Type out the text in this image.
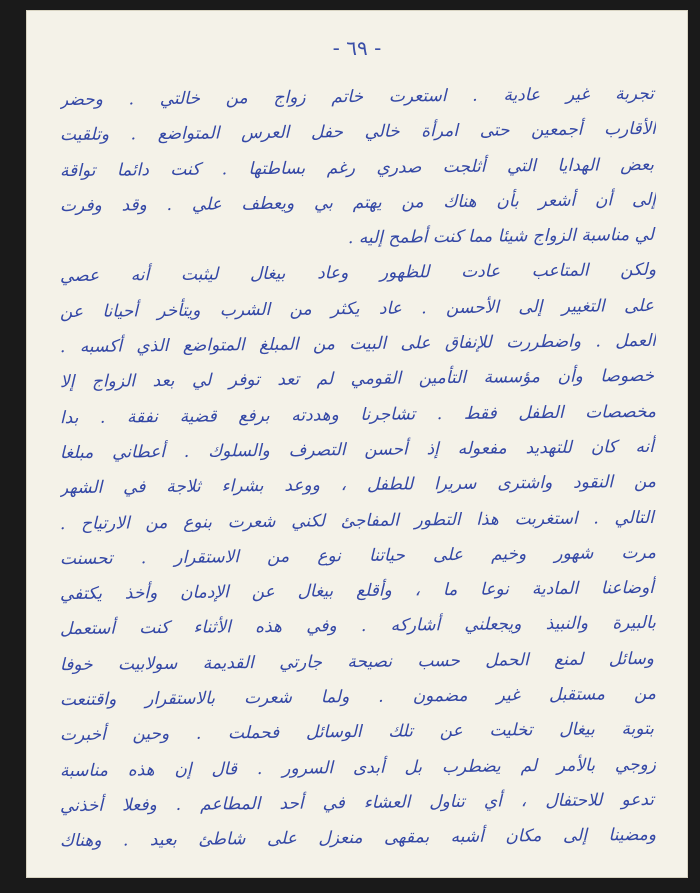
- ٦٩ -
تجربة غير عادية . استعرت خاتم زواج من خالتي . وحضر
الأقارب أجمعين حتى امرأة خالي حفل العرس المتواضع . وتلقيت
بعض الهدايا التي أثلجت صدري رغم بساطتها . كنت دائما تواقة
إلى أن أشعر بأن هناك من يهتم بي ويعطف علي . وقد وفرت
لي مناسبة الزواج شيئا مما كنت أطمح إليه .
ولكن المتاعب عادت للظهور وعاد بيغال ليثبت أنه عصي
على التغيير إلى الأحسن . عاد يكثر من الشرب ويتأخر أحيانا عن
العمل . واضطررت للإنفاق على البيت من المبلغ المتواضع الذي أكسبه .
خصوصا وأن مؤسسة التأمين القومي لم تعد توفر لي بعد الزواج إلا
مخصصات الطفل فقط . تشاجرنا وهددته برفع قضية نفقة . بدا
أنه كان للتهديد مفعوله إذ أحسن التصرف والسلوك . أعطاني مبلغا
من النقود واشترى سريرا للطفل ، ووعد بشراء ثلاجة في الشهر
التالي . استغربت هذا التطور المفاجئ لكني شعرت بنوع من الارتياح .
مرت شهور وخيم على حياتنا نوع من الاستقرار . تحسنت
أوضاعنا المادية نوعا ما ، وأقلع بيغال عن الإدمان وأخذ يكتفي
بالبيرة والنبيذ ويجعلني أشاركه . وفي هذه الأثناء كنت أستعمل
وسائل لمنع الحمل حسب نصيحة جارتي القديمة سولابيت خوفا
من مستقبل غير مضمون . ولما شعرت بالاستقرار واقتنعت
بتوبة بيغال تخليت عن تلك الوسائل فحملت . وحين أخبرت
زوجي بالأمر لم يضطرب بل أبدى السرور . قال إن هذه مناسبة
تدعو للاحتفال ، أي تناول العشاء في أحد المطاعم . وفعلا أخذني
ومضينا إلى مكان أشبه بمقهى منعزل على شاطئ بعيد . وهناك
